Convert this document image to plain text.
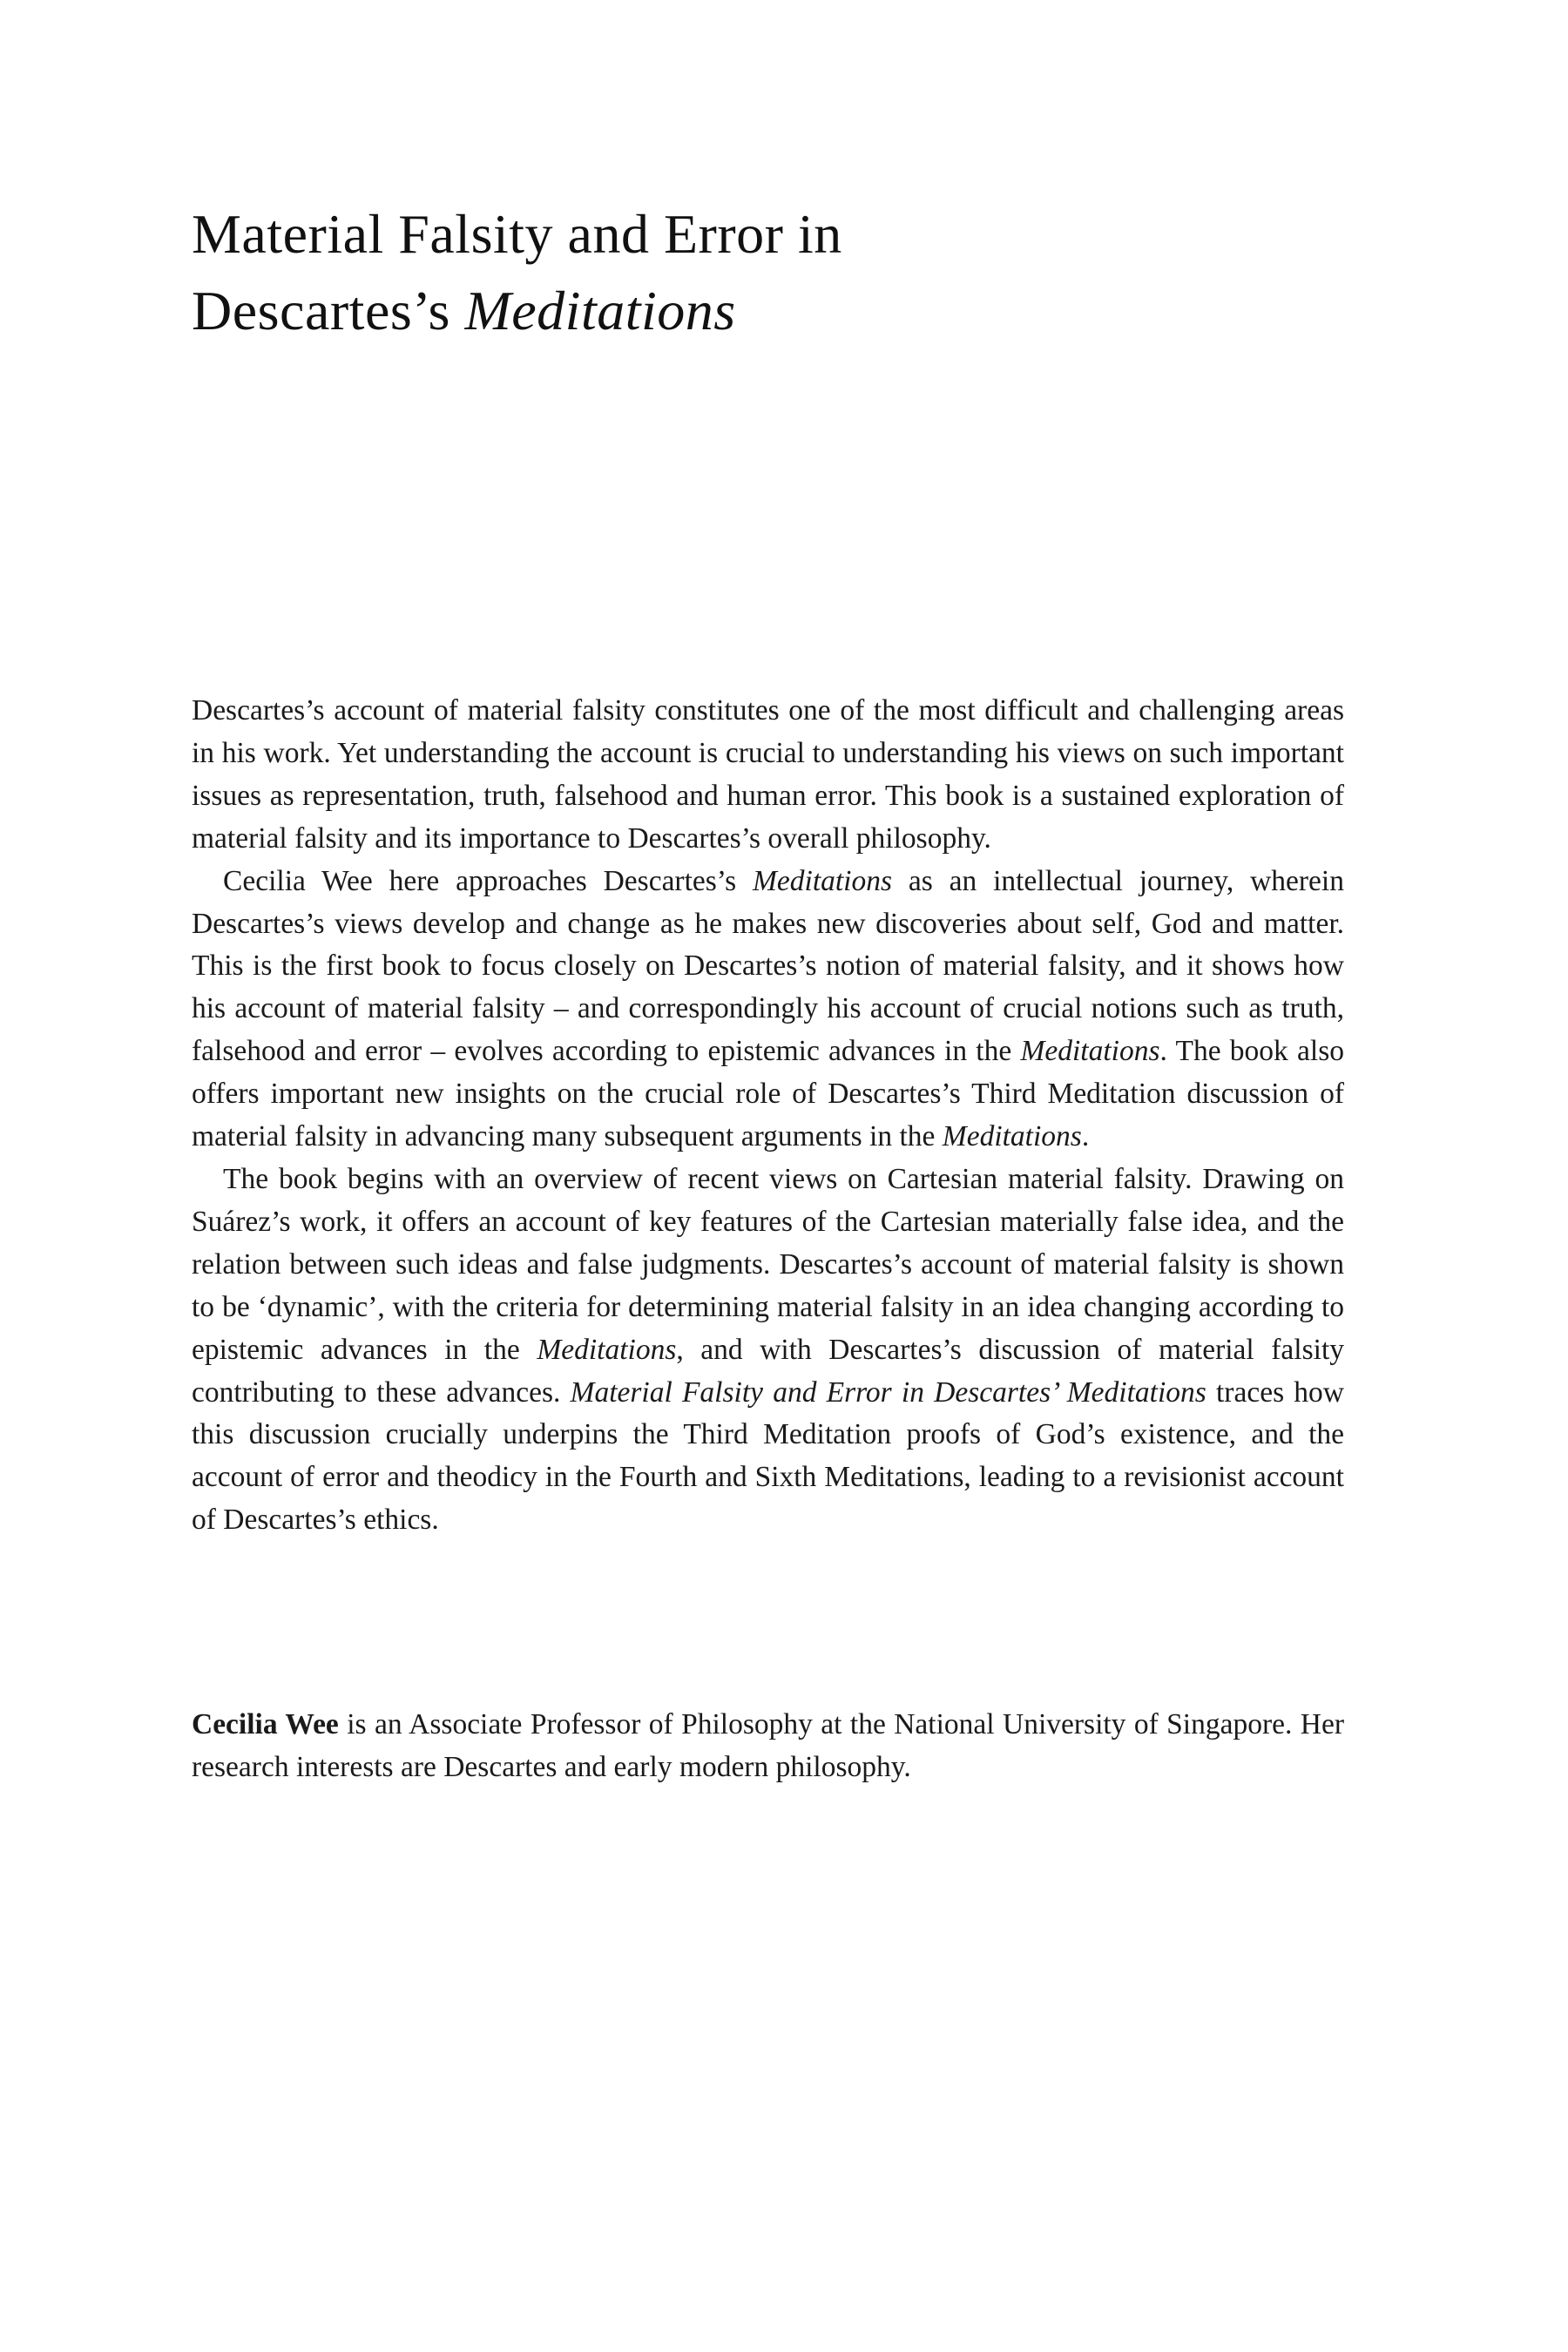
Material Falsity and Error in
Descartes’s Meditations

Descartes’s account of material falsity constitutes one of the most difficult and challenging areas in his work. Yet understanding the account is crucial to understanding his views on such important issues as representation, truth, falsehood and human error. This book is a sustained exploration of material falsity and its importance to Descartes’s overall philosophy.

Cecilia Wee here approaches Descartes’s Meditations as an intellectual journey, wherein Descartes’s views develop and change as he makes new discoveries about self, God and matter. This is the first book to focus closely on Descartes’s notion of material falsity, and it shows how his account of material falsity – and correspondingly his account of crucial notions such as truth, falsehood and error – evolves according to epistemic advances in the Meditations. The book also offers important new insights on the crucial role of Descartes’s Third Meditation discussion of material falsity in advancing many subsequent arguments in the Meditations.

The book begins with an overview of recent views on Cartesian material falsity. Drawing on Suárez’s work, it offers an account of key features of the Cartesian materially false idea, and the relation between such ideas and false judgments. Descartes’s account of material falsity is shown to be ‘dynamic’, with the criteria for determining material falsity in an idea changing according to epistemic advances in the Meditations, and with Descartes’s discussion of material falsity contributing to these advances. Material Falsity and Error in Descartes’ Meditations traces how this discussion crucially underpins the Third Meditation proofs of God’s existence, and the account of error and theodicy in the Fourth and Sixth Meditations, leading to a revisionist account of Descartes’s ethics.

Cecilia Wee is an Associate Professor of Philosophy at the National University of Singapore. Her research interests are Descartes and early modern philosophy.
